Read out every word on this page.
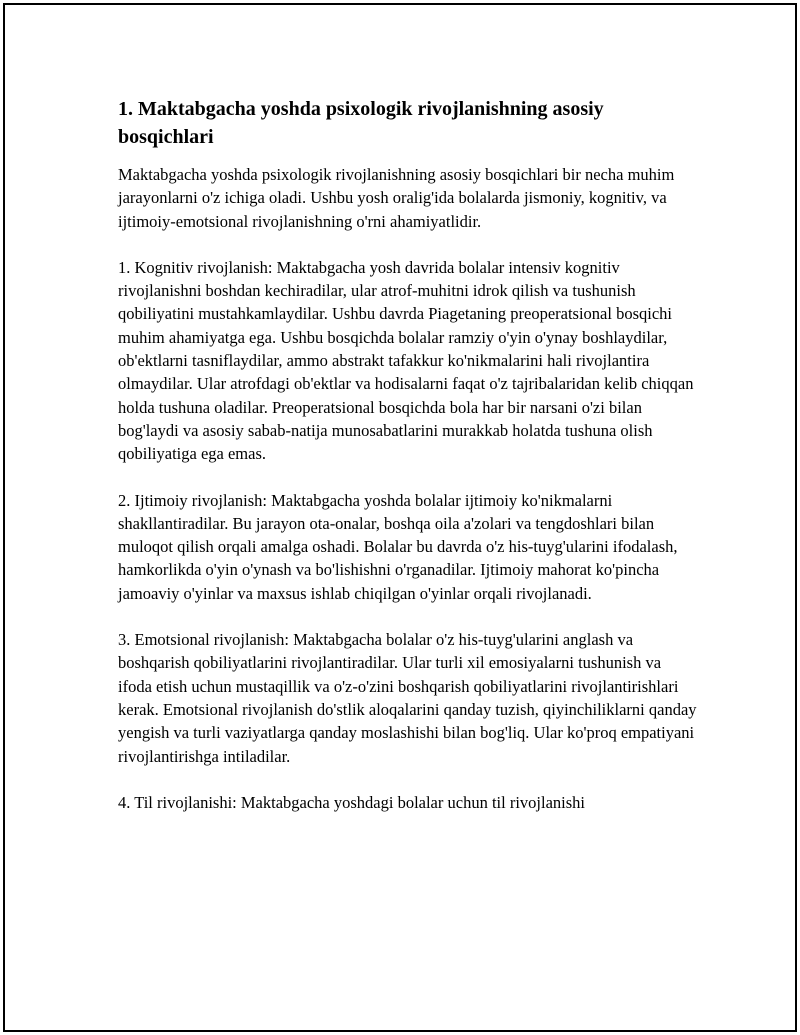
1. Maktabgacha yoshda psixologik rivojlanishning asosiy bosqichlari

Maktabgacha yoshda psixologik rivojlanishning asosiy bosqichlari bir necha muhim jarayonlarni o'z ichiga oladi. Ushbu yosh oralig'ida bolalarda jismoniy, kognitiv, va ijtimoiy-emotsional rivojlanishning o'rni ahamiyatlidir.

1. Kognitiv rivojlanish: Maktabgacha yosh davrida bolalar intensiv kognitiv rivojlanishni boshdan kechiradilar, ular atrof-muhitni idrok qilish va tushunish qobiliyatini mustahkamlaydilar. Ushbu davrda Piagetaning preoperatsional bosqichi muhim ahamiyatga ega. Ushbu bosqichda bolalar ramziy o'yin o'ynay boshlaydilar, ob'ektlarni tasniflaydilar, ammo abstrakt tafakkur ko'nikmalarini hali rivojlantira olmaydilar. Ular atrofdagi ob'ektlar va hodisalarni faqat o'z tajribalaridan kelib chiqqan holda tushuna oladilar. Preoperatsional bosqichda bola har bir narsani o'zi bilan bog'laydi va asosiy sabab-natija munosabatlarini murakkab holatda tushuna olish qobiliyatiga ega emas.

2. Ijtimoiy rivojlanish: Maktabgacha yoshda bolalar ijtimoiy ko'nikmalarni shakllantiradilar. Bu jarayon ota-onalar, boshqa oila a'zolari va tengdoshlari bilan muloqot qilish orqali amalga oshadi. Bolalar bu davrda o'z his-tuyg'ularini ifodalash, hamkorlikda o'yin o'ynash va bo'lishishni o'rganadilar. Ijtimoiy mahorat ko'pincha jamoaviy o'yinlar va maxsus ishlab chiqilgan o'yinlar orqali rivojlanadi.

3. Emotsional rivojlanish: Maktabgacha bolalar o'z his-tuyg'ularini anglash va boshqarish qobiliyatlarini rivojlantiradilar. Ular turli xil emosiyalarni tushunish va ifoda etish uchun mustaqillik va o'z-o'zini boshqarish qobiliyatlarini rivojlantirishlari kerak. Emotsional rivojlanish do'stlik aloqalarini qanday tuzish, qiyinchiliklarni qanday yengish va turli vaziyatlarga qanday moslashishi bilan bog'liq. Ular ko'proq empatiyani rivojlantirishga intiladilar.

4. Til rivojlanishi: Maktabgacha yoshdagi bolalar uchun til rivojlanishi
